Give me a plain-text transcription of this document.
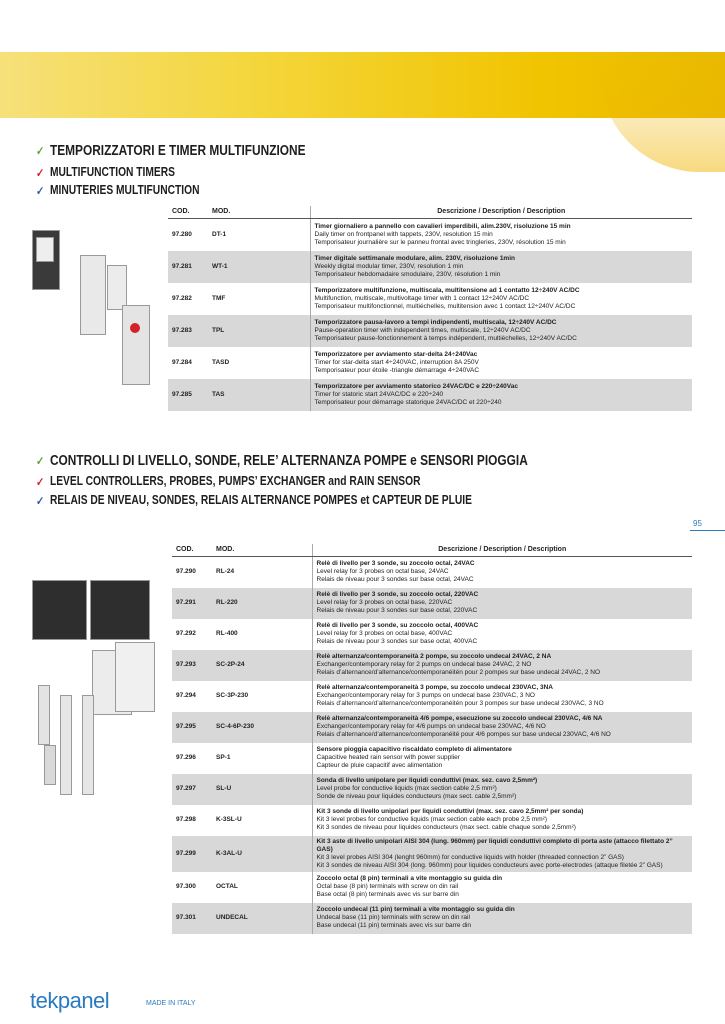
✓ TEMPORIZZATORI E TIMER MULTIFUNZIONE
✓ MULTIFUNCTION TIMERS
✓ MINUTERIES MULTIFUNCTION
COD.	MOD.	Descrizione / Description / Description
97.280	DT-1	Timer giornaliero a pannello con cavalieri imperdibili, alim.230V, risoluzione 15 min
Daily timer on frontpanel with tappets, 230V, resolution 15 min
Temporisateur journalière sur le panneu frontal avec tringleries, 230V, résolution 15 min

97.281	WT-1	Timer digitale settimanale modulare, alim. 230V, risoluzione 1min
Weekly digital modular timer, 230V, resolution 1 min
Temporisateur hebdomadaire smodulaire, 230V, résolution 1 min

97.282	TMF	Temporizzatore multifunzione, multiscala, multitensione ad 1 contatto 12÷240V AC/DC
Multifunction, multiscale, multivoltage timer with 1 contact 12÷240V AC/DC
Temporisateur multifonctionnel, multiéchelles, multitension avec 1 contact 12÷240V AC/DC

97.283	TPL	Temporizzatore pausa-lavoro a tempi indipendenti, multiscala, 12÷240V AC/DC
Pause-operation timer with independent times, multiscale, 12÷240V AC/DC
Temporisateur pause-fonctionnement à temps indépendent, multiéchelles, 12÷240V AC/DC

97.284	TASD	Temporizzatore per avviamento star-delta 24÷240Vac
Timer for star-delta start 4÷240VAC, interruption 8A 250V
Temporisateur pour étoile -triangle démarrage 4÷240VAC

97.285	TAS	Temporizzatore per avviamento statorico 24VAC/DC e 220÷240Vac
Timer for statoric start 24VAC/DC e 220÷240
Temporisateur pour démarrage statorique 24VAC/DC et 220÷240
✓ CONTROLLI DI LIVELLO, SONDE, RELE’ ALTERNANZA POMPE e SENSORI PIOGGIA
✓ LEVEL CONTROLLERS, PROBES, PUMPS’ EXCHANGER and RAIN SENSOR
✓ RELAIS DE NIVEAU, SONDES, RELAIS ALTERNANCE POMPES et CAPTEUR DE PLUIE
95
COD.	MOD.	Descrizione / Description / Description
97.290	RL-24	Relè di livello per 3 sonde, su zoccolo octal, 24VAC
Level relay for 3 probes on octal base, 24VAC
Relais de niveau pour 3 sondes sur base octal, 24VAC

97.291	RL-220	Relè di livello per 3 sonde, su zoccolo octal, 220VAC
Level relay for 3 probes on octal base, 220VAC
Relais de niveau pour 3 sondes sur base octal, 220VAC

97.292	RL-400	Relè di livello per 3 sonde, su zoccolo octal, 400VAC
Level relay for 3 probes on octal base, 400VAC
Relais de niveau pour 3 sondes sur base octal, 400VAC

97.293	SC-2P-24	Relè alternanza/contemporaneità 2 pompe, su zoccolo undecal 24VAC, 2 NA
Exchanger/contemporary relay for 2 pumps on undecal base 24VAC, 2 NO
Relais d’alternance/d’alternance/contemporanéitén pour 2 pompes sur base undecal 24VAC, 2 NO

97.294	SC-3P-230	Relè alternanza/contemporaneità 3 pompe, su zoccolo undecal 230VAC, 3NA
Exchanger/contemporary relay for 3 pumps on undecal base 230VAC, 3 NO
Relais d’alternance/d’alternance/contemporanéitén pour 3 pompes sur base undecal 230VAC, 3 NO

97.295	SC-4-6P-230	Relè alternanza/contemporaneità 4/6 pompe, esecuzione su zoccolo undecal 230VAC, 4/6 NA
Exchanger/contemporary relay for 4/6 pumps on undecal base 230VAC, 4/6 NO
Relais d’alternance/d’alternance/contemporanéité pour 4/6 pompes sur base undecal 230VAC, 4/6 NO

97.296	SP-1	Sensore pioggia capacitivo riscaldato completo di alimentatore
Capacitive heated rain sensor with power supplier
Capteur de pluie capacitif avec alimentation

97.297	SL-U	Sonda di livello unipolare per liquidi conduttivi (max. sez. cavo 2,5mm²)
Level probe for conductive liquids (max section cable 2,5 mm²)
Sonde de niveau pour liquides conducteurs (max sect. cable 2,5mm²)

97.298	K-3SL-U	Kit 3 sonde di livello unipolari per liquidi conduttivi (max. sez. cavo 2,5mm² per sonda)
Kit 3 level probes for conductive liquids (max section cable each probe 2,5 mm²)
Kit 3 sondes de niveau pour liquides conducteurs (max sect. cable chaque sonde 2,5mm²)

97.299	K-3AL-U	Kit 3 aste di livello unipolari AISI 304 (lung. 960mm) per liquidi conduttivi completo di porta aste (attacco filettato 2” GAS)
Kit 3 level probes AISI 304 (lenght 960mm) for conductive liquids with holder (threaded connection 2” GAS)
Kit 3 sondes de niveau AISI 304 (long. 960mm) pour liquides conducteurs avec porte-electrodes (attaque filetée 2” GAS)

97.300	OCTAL	Zoccolo octal (8 pin) terminali a vite montaggio su guida din
Octal base (8 pin) terminals with screw on din rail
Base octal (8 pin) terminals avec vis sur barre din

97.301	UNDECAL	Zoccolo undecal (11 pin) terminali a vite montaggio su guida din
Undecal base (11 pin) terminals with screw on din rail
Base undecal (11 pin) terminals avec vis sur barre din
tekpanel	MADE IN ITALY
